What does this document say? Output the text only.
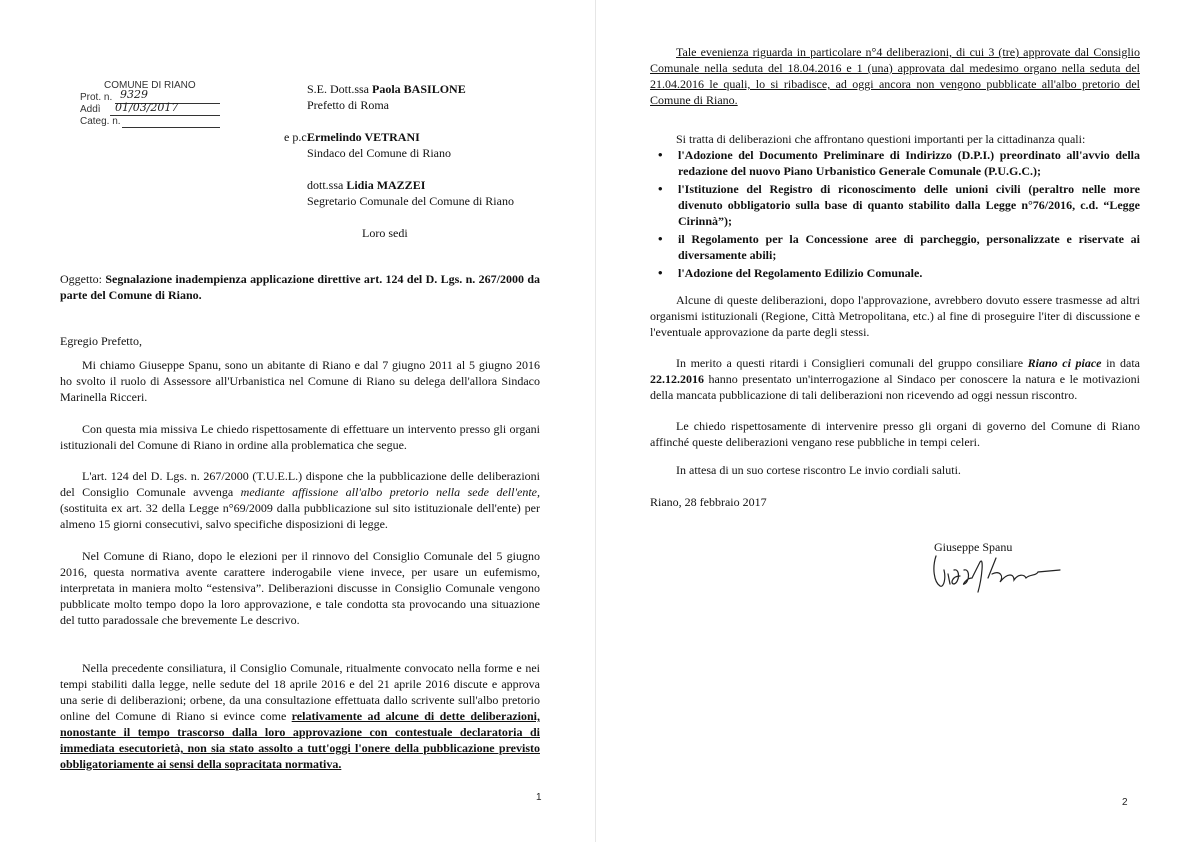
COMUNE DI RIANO
Prot. n. 9329
Addì 01/03/2017
Categ. n.
S.E. Dott.ssa Paola BASILONE
Prefetto di Roma
e p.c.
Ermelindo VETRANI
Sindaco del Comune di Riano
dott.ssa Lidia MAZZEI
Segretario Comunale del Comune di Riano
Loro sedi
Oggetto: Segnalazione inadempienza applicazione direttive art. 124 del D. Lgs. n. 267/2000 da parte del Comune di Riano.
Egregio Prefetto,
Mi chiamo Giuseppe Spanu, sono un abitante di Riano e dal 7 giugno 2011 al 5 giugno 2016 ho svolto il ruolo di Assessore all'Urbanistica nel Comune di Riano su delega dell'allora Sindaco Marinella Ricceri.
Con questa mia missiva Le chiedo rispettosamente di effettuare un intervento presso gli organi istituzionali del Comune di Riano in ordine alla problematica che segue.
L'art. 124 del D. Lgs. n. 267/2000 (T.U.E.L.) dispone che la pubblicazione delle deliberazioni del Consiglio Comunale avvenga mediante affissione all'albo pretorio nella sede dell'ente, (sostituita ex art. 32 della Legge n°69/2009 dalla pubblicazione sul sito istituzionale dell'ente) per almeno 15 giorni consecutivi, salvo specifiche disposizioni di legge.
Nel Comune di Riano, dopo le elezioni per il rinnovo del Consiglio Comunale del 5 giugno 2016, questa normativa avente carattere inderogabile viene invece, per usare un eufemismo, interpretata in maniera molto “estensiva”. Deliberazioni discusse in Consiglio Comunale vengono pubblicate molto tempo dopo la loro approvazione, e tale condotta sta provocando una situazione del tutto paradossale che brevemente Le descrivo.
Nella precedente consiliatura, il Consiglio Comunale, ritualmente convocato nella forme e nei tempi stabiliti dalla legge, nelle sedute del 18 aprile 2016 e del 21 aprile 2016 discute e approva una serie di deliberazioni; orbene, da una consultazione effettuata dallo scrivente sull'albo pretorio online del Comune di Riano si evince come relativamente ad alcune di dette deliberazioni, nonostante il tempo trascorso dalla loro approvazione con contestuale declaratoria di immediata esecutorietà, non sia stato assolto a tutt'oggi l'onere della pubblicazione previsto obbligatoriamente ai sensi della sopracitata normativa.
1
Tale evenienza riguarda in particolare n°4 deliberazioni, di cui 3 (tre) approvate dal Consiglio Comunale nella seduta del 18.04.2016 e 1 (una) approvata dal medesimo organo nella seduta del 21.04.2016 le quali, lo si ribadisce, ad oggi ancora non vengono pubblicate all'albo pretorio del Comune di Riano.
Si tratta di deliberazioni che affrontano questioni importanti per la cittadinanza quali:
• l'Adozione del Documento Preliminare di Indirizzo (D.P.I.) preordinato all'avvio della redazione del nuovo Piano Urbanistico Generale Comunale (P.U.G.C.);
• l'Istituzione del Registro di riconoscimento delle unioni civili (peraltro nelle more divenuto obbligatorio sulla base di quanto stabilito dalla Legge n°76/2016, c.d. “Legge Cirinnà”);
• il Regolamento per la Concessione aree di parcheggio, personalizzate e riservate ai diversamente abili;
• l'Adozione del Regolamento Edilizio Comunale.
Alcune di queste deliberazioni, dopo l'approvazione, avrebbero dovuto essere trasmesse ad altri organismi istituzionali (Regione, Città Metropolitana, etc.) al fine di proseguire l'iter di discussione e l'eventuale approvazione da parte degli stessi.
In merito a questi ritardi i Consiglieri comunali del gruppo consiliare Riano ci piace in data 22.12.2016 hanno presentato un'interrogazione al Sindaco per conoscere la natura e le motivazioni della mancata pubblicazione di tali deliberazioni non ricevendo ad oggi nessun riscontro.
Le chiedo rispettosamente di intervenire presso gli organi di governo del Comune di Riano affinché queste deliberazioni vengano rese pubbliche in tempi celeri.
In attesa di un suo cortese riscontro Le invio cordiali saluti.
Riano, 28 febbraio 2017
Giuseppe Spanu
2
